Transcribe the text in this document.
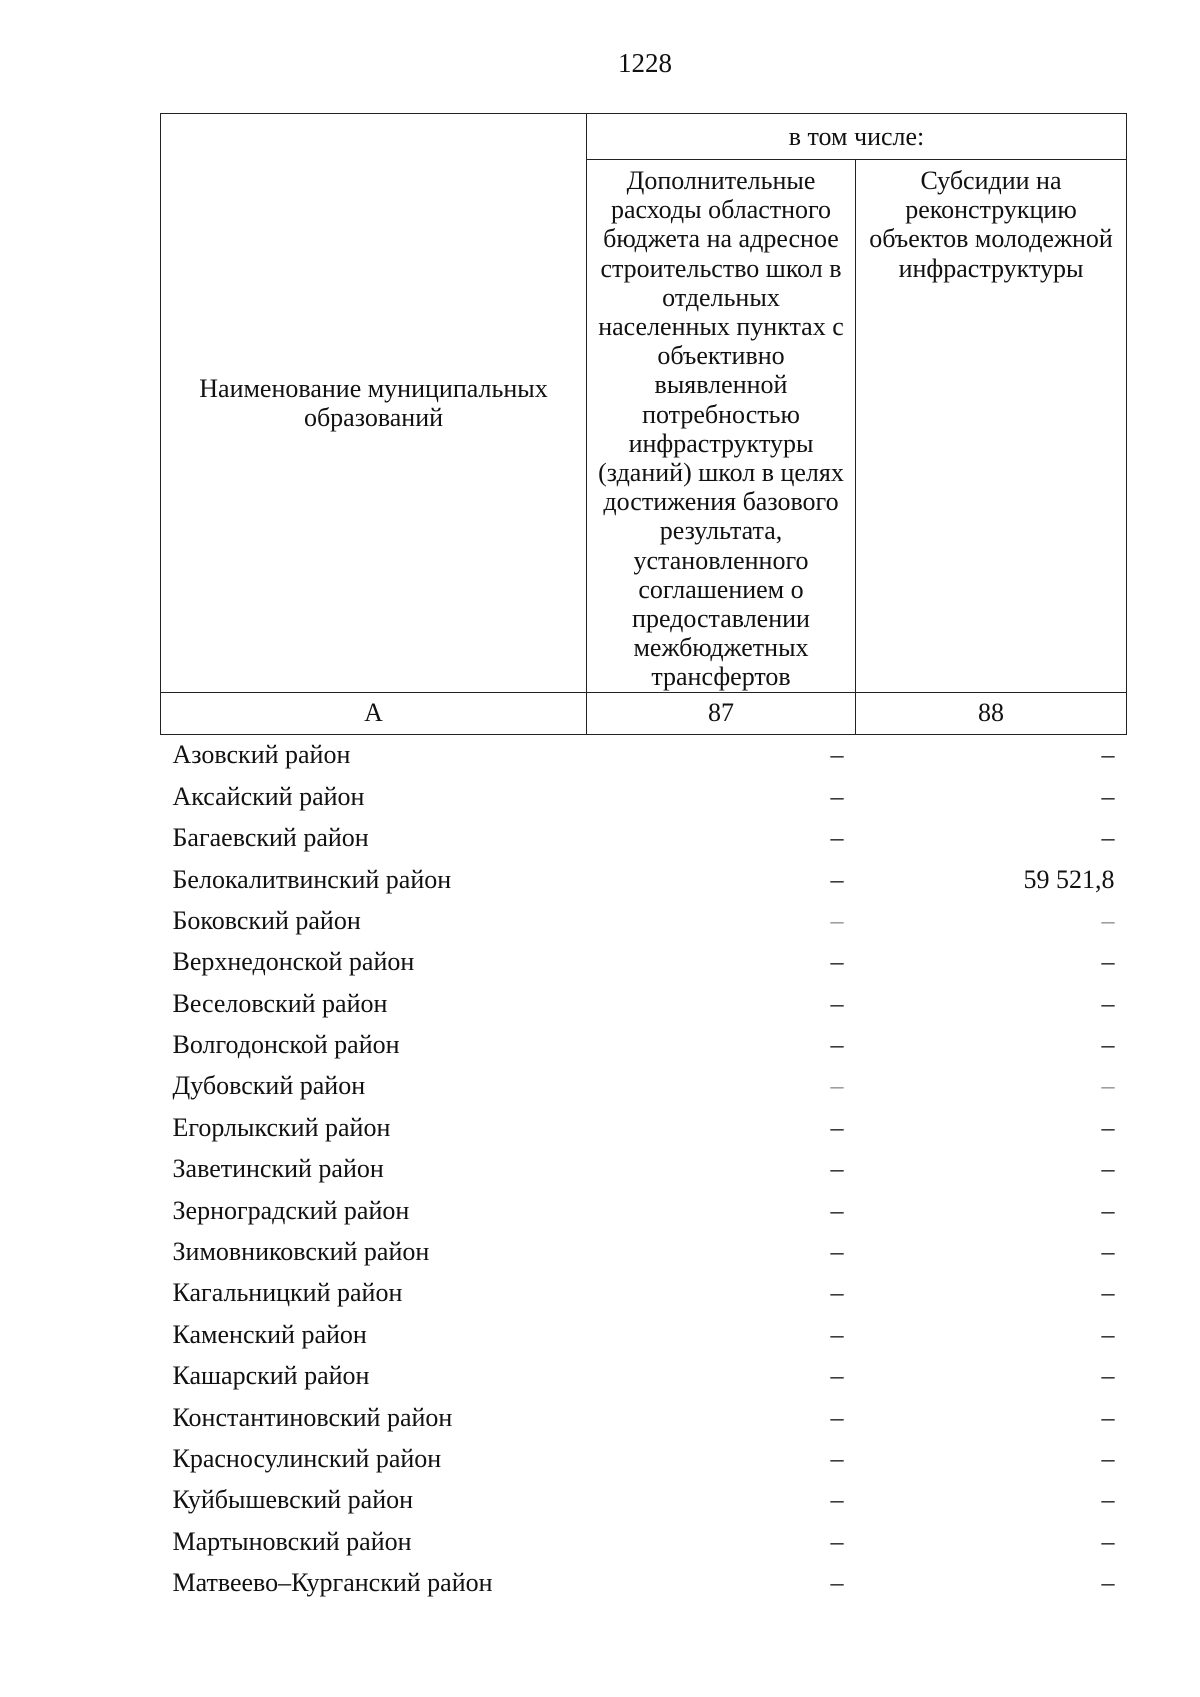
1228
Наименование муниципальных образований	в том числе:	

	Дополнительные расходы областного бюджета на адресное строительство школ в отдельных населенных пунктах с объективно выявленной потребностью инфраструктуры (зданий) школ в целях достижения базового результата, установленного соглашением о предоставлении межбюджетных трансфертов	Субсидии на реконструкцию объектов молодежной инфраструктуры

А	87	88
Азовский район	–	–
Аксайский район	–	–
Багаевский район	–	–
Белокалитвинский район	–	59 521,8
Боковский район	–	–
Верхнедонской район	–	–
Веселовский район	–	–
Волгодонской район	–	–
Дубовский район	–	–
Егорлыкский район	–	–
Заветинский район	–	–
Зерноградский район	–	–
Зимовниковский район	–	–
Кагальницкий район	–	–
Каменский район	–	–
Кашарский район	–	–
Константиновский район	–	–
Красносулинский район	–	–
Куйбышевский район	–	–
Мартыновский район	–	–
Матвеево–Курганский район	–	–
